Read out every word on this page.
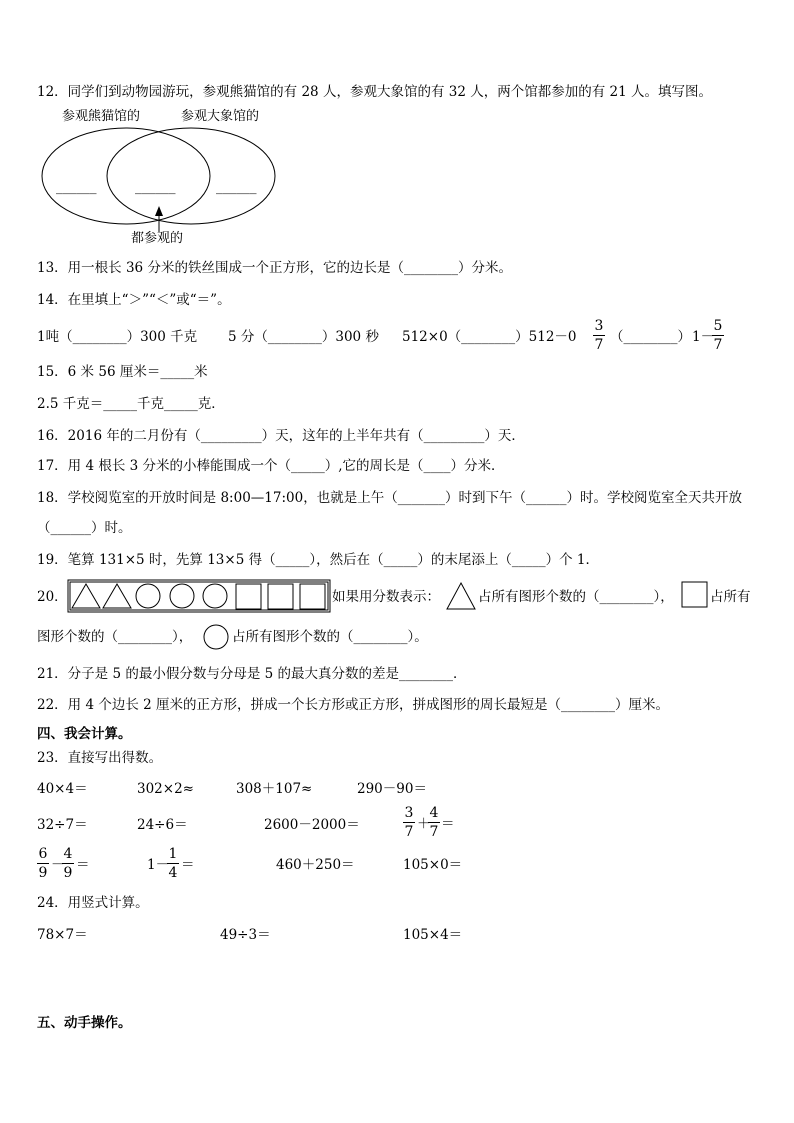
12．同学们到动物园游玩，参观熊猫馆的有 28 人，参观大象馆的有 32 人，两个馆都参加的有 21 人。填写图。
参观熊猫馆的	参观大象馆的
______	______	______
都参观的
13．用一根长 36 分米的铁丝围成一个正方形，它的边长是（________）分米。
14．在里填上“＞”“＜”或“＝”。
1吨（________）300 千克 5 分（________）300 秒 512×0（________）512－0
3
7 （________） 1－
5
7
15．6 米 56 厘米＝_____米
2.5 千克＝_____千克_____克．
16．2016 年的二月份有（_________）天，这年的上半年共有（_________）天．
17．用 4 根长 3 分米的小棒能围成一个（_____）,它的周长是（____）分米．
18．学校阅览室的开放时间是 8:00—17:00，也就是上午（_______）时到下午（______）时。学校阅览室全天共开放
（______）时。
19．笔算 131×5 时，先算 13×5 得（_____），然后在（_____）的末尾添上（_____）个 1．
20．	如果用分数表示：	占所有图形个数的（________），	占所有
图形个数的（________），	占所有图形个数的（________）。
21．分子是 5 的最小假分数与分母是 5 的最大真分数的差是________．
22．用 4 个边长 2 厘米的正方形，拼成一个长方形或正方形，拼成图形的周长最短是（________）厘米。
四、我会计算。
23．直接写出得数。
40×4＝	302×2≈	308＋107≈	290－90＝
32÷7＝	24÷6＝	2600－2000＝
3
7 ＋
4
7 ＝
6
9 －
4
9 ＝	1－
1
4 ＝	460＋250＝	105×0＝
24．用竖式计算。
78×7＝	49÷3＝	105×4＝
五、动手操作。
